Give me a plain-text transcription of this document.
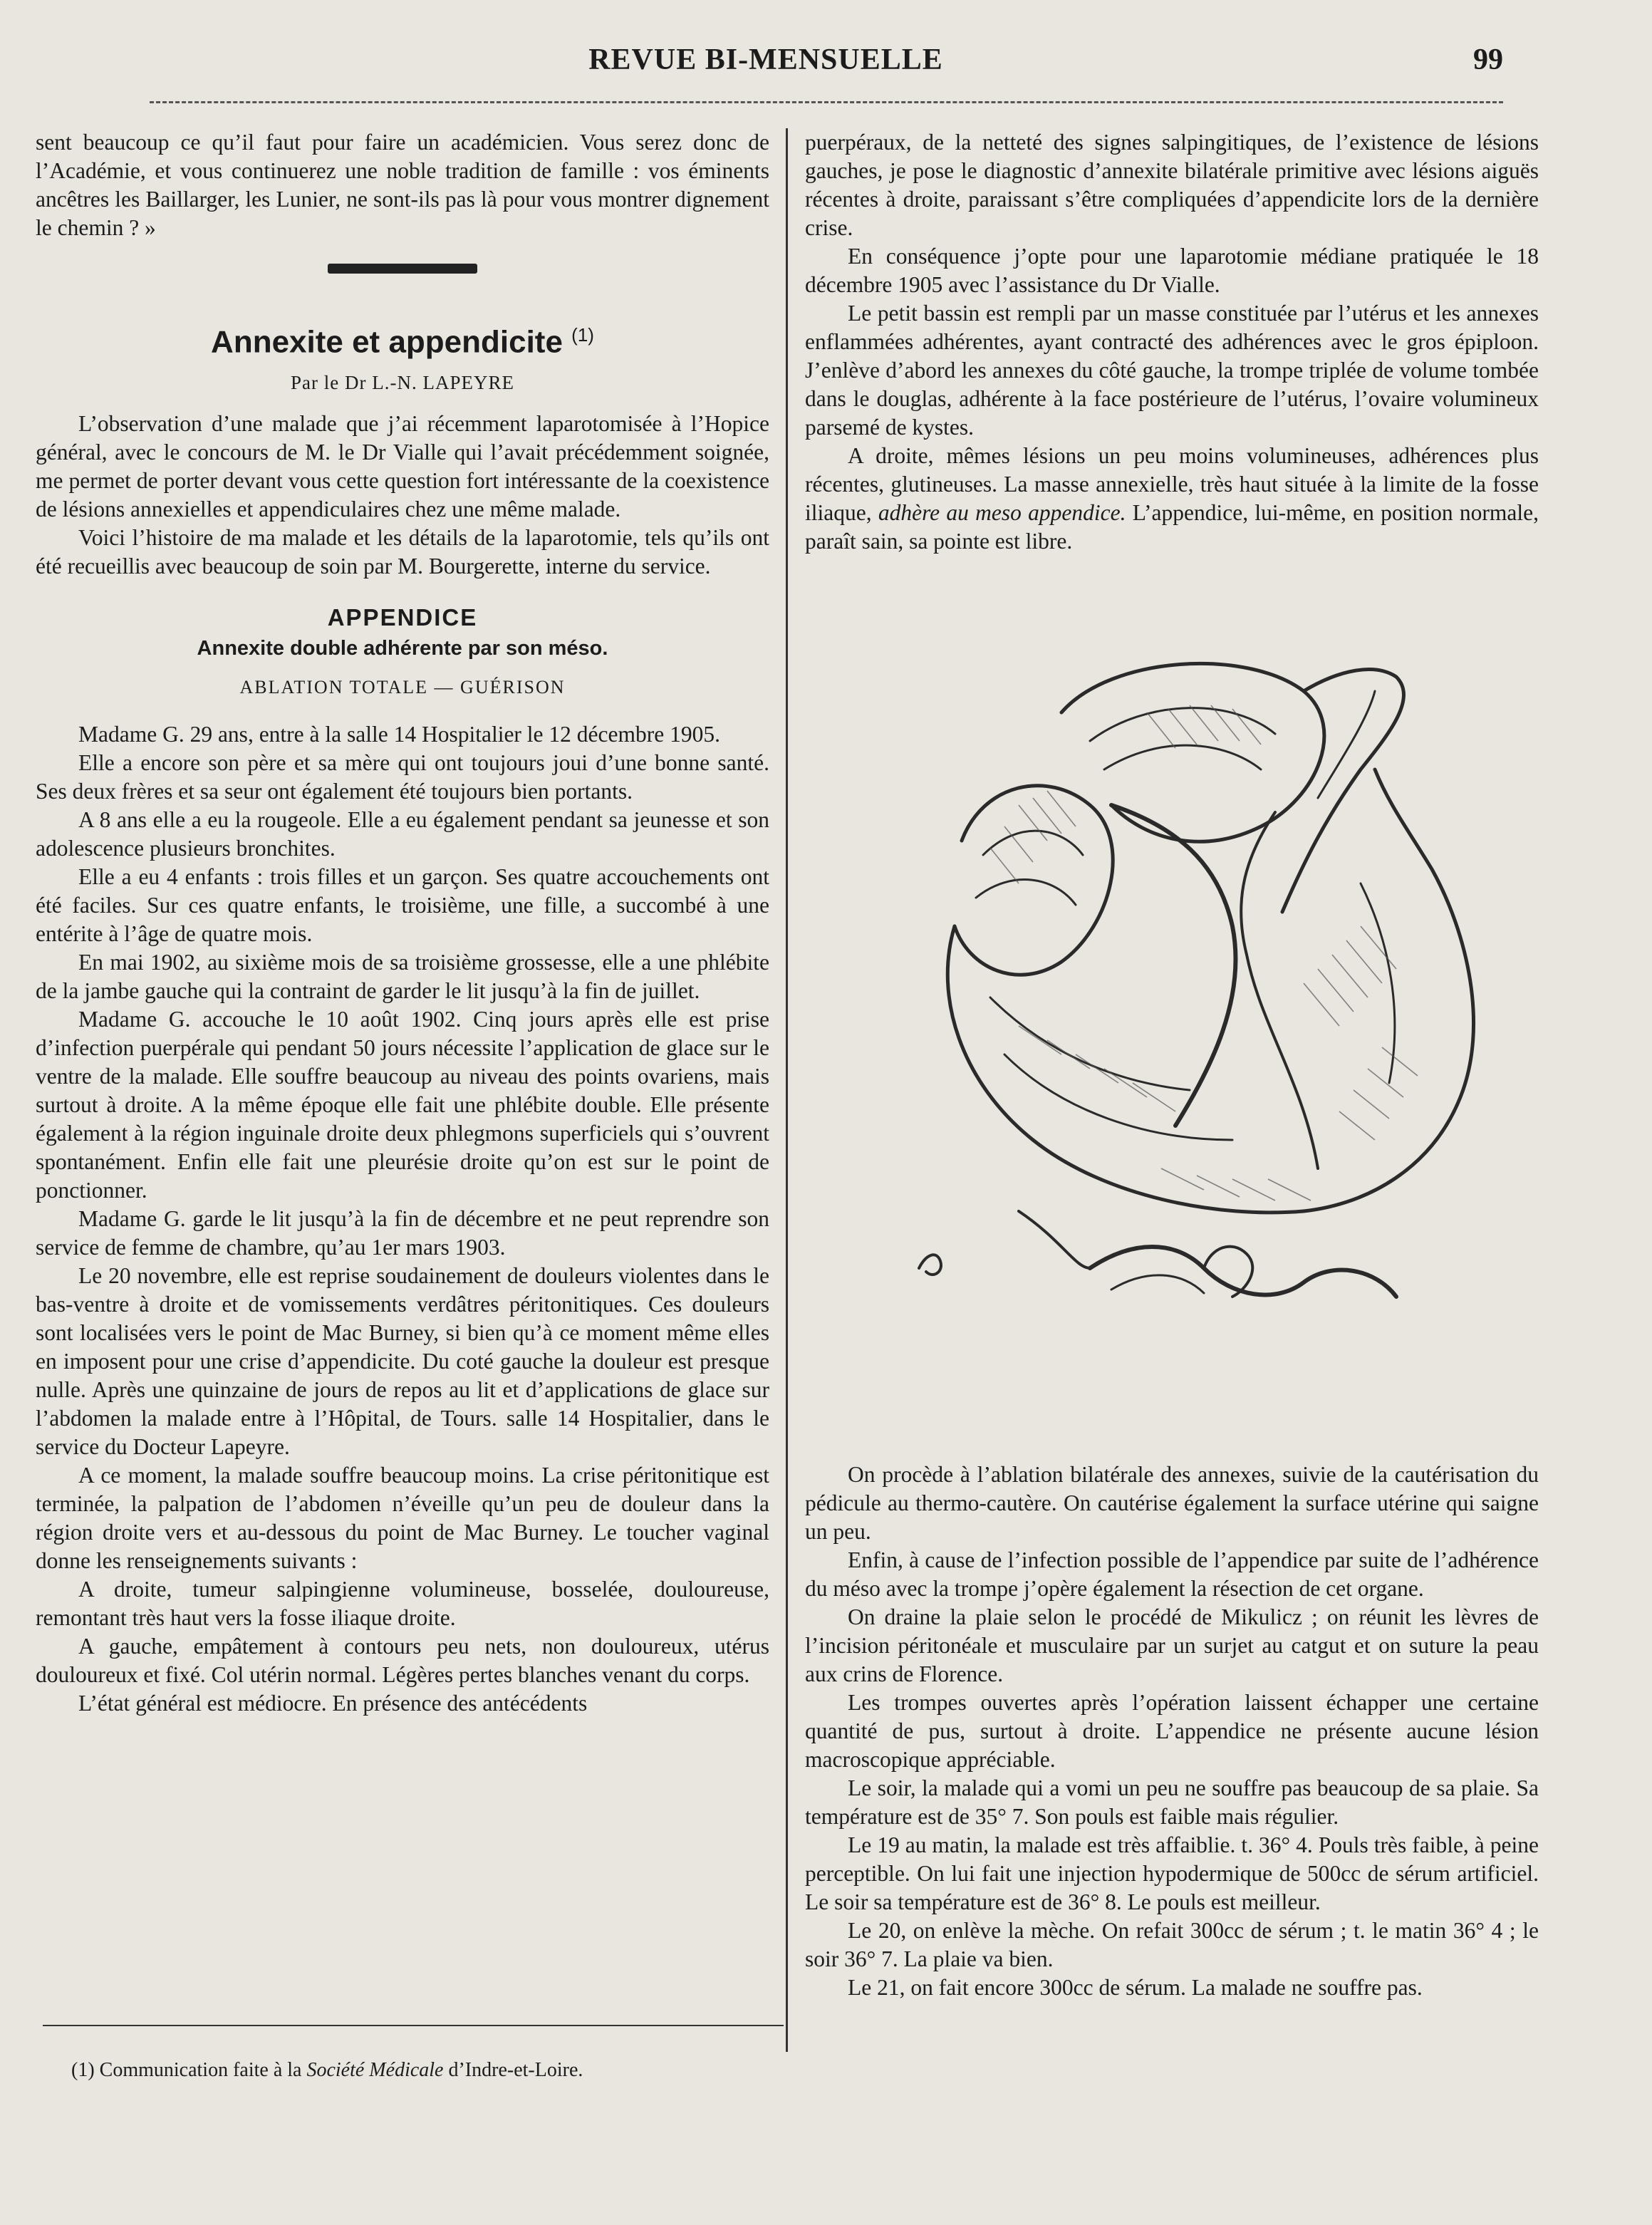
REVUE BI-MENSUELLE	99

sent beaucoup ce qu’il faut pour faire un académicien. Vous serez donc de l’Académie, et vous continuerez une noble tradition de famille : vos éminents ancêtres les Baillarger, les Lunier, ne sont-ils pas là pour vous montrer dignement le chemin ? »

Annexite et appendicite $^{(1)}$
Par le Dr L.-N. LAPEYRE

L’observation d’une malade que j’ai récemment laparotomisée à l’Hopice général, avec le concours de M. le Dr Vialle qui l’avait précédemment soignée, me permet de porter devant vous cette question fort intéressante de la coexistence de lésions annexielles et appendiculaires chez une même malade.

Voici l’histoire de ma malade et les détails de la laparotomie, tels qu’ils ont été recueillis avec beaucoup de soin par M. Bourgerette, interne du service.

APPENDICE
Annexite double adhérente par son méso.
ABLATION TOTALE — GUÉRISON

Madame G. 29 ans, entre à la salle 14 Hospitalier le 12 décembre 1905.

Elle a encore son père et sa mère qui ont toujours joui d’une bonne santé. Ses deux frères et sa seur ont également été toujours bien portants.

A 8 ans elle a eu la rougeole. Elle a eu également pendant sa jeunesse et son adolescence plusieurs bronchites.

Elle a eu 4 enfants : trois filles et un garçon. Ses quatre accouchements ont été faciles. Sur ces quatre enfants, le troisième, une fille, a succombé à une entérite à l’âge de quatre mois.

En mai 1902, au sixième mois de sa troisième grossesse, elle a une phlébite de la jambe gauche qui la contraint de garder le lit jusqu’à la fin de juillet.

Madame G. accouche le 10 août 1902. Cinq jours après elle est prise d’infection puerpérale qui pendant 50 jours nécessite l’application de glace sur le ventre de la malade. Elle souffre beaucoup au niveau des points ovariens, mais surtout à droite. A la même époque elle fait une phlébite double. Elle présente également à la région inguinale droite deux phlegmons superficiels qui s’ouvrent spontanément. Enfin elle fait une pleurésie droite qu’on est sur le point de ponctionner.

Madame G. garde le lit jusqu’à la fin de décembre et ne peut reprendre son service de femme de chambre, qu’au 1er mars 1903.

Le 20 novembre, elle est reprise soudainement de douleurs violentes dans le bas-ventre à droite et de vomissements verdâtres péritonitiques. Ces douleurs sont localisées vers le point de Mac Burney, si bien qu’à ce moment même elles en imposent pour une crise d’appendicite. Du coté gauche la douleur est presque nulle. Après une quinzaine de jours de repos au lit et d’applications de glace sur l’abdomen la malade entre à l’Hôpital, de Tours. salle 14 Hospitalier, dans le service du Docteur Lapeyre.

A ce moment, la malade souffre beaucoup moins. La crise péritonitique est terminée, la palpation de l’abdomen n’éveille qu’un peu de douleur dans la région droite vers et au-dessous du point de Mac Burney. Le toucher vaginal donne les renseignements suivants :

A droite, tumeur salpingienne volumineuse, bosselée, douloureuse, remontant très haut vers la fosse iliaque droite.

A gauche, empâtement à contours peu nets, non douloureux, utérus douloureux et fixé. Col utérin normal. Légères pertes blanches venant du corps.

L’état général est médiocre. En présence des antécédents

(1) Communication faite à la Société Médicale d’Indre-et-Loire.

puerpéraux, de la netteté des signes salpingitiques, de l’existence de lésions gauches, je pose le diagnostic d’annexite bilatérale primitive avec lésions aiguës récentes à droite, paraissant s’être compliquées d’appendicite lors de la dernière crise.

En conséquence j’opte pour une laparotomie médiane pratiquée le 18 décembre 1905 avec l’assistance du Dr Vialle.

Le petit bassin est rempli par un masse constituée par l’utérus et les annexes enflammées adhérentes, ayant contracté des adhérences avec le gros épiploon. J’enlève d’abord les annexes du côté gauche, la trompe triplée de volume tombée dans le douglas, adhérente à la face postérieure de l’utérus, l’ovaire volumineux parsemé de kystes.

A droite, mêmes lésions un peu moins volumineuses, adhérences plus récentes, glutineuses. La masse annexielle, très haut située à la limite de la fosse iliaque, adhère au meso appendice. L’appendice, lui-même, en position normale, paraît sain, sa pointe est libre.

On procède à l’ablation bilatérale des annexes, suivie de la cautérisation du pédicule au thermo-cautère. On cautérise également la surface utérine qui saigne un peu.

Enfin, à cause de l’infection possible de l’appendice par suite de l’adhérence du méso avec la trompe j’opère également la résection de cet organe.

On draine la plaie selon le procédé de Mikulicz ; on réunit les lèvres de l’incision péritonéale et musculaire par un surjet au catgut et on suture la peau aux crins de Florence.

Les trompes ouvertes après l’opération laissent échapper une certaine quantité de pus, surtout à droite. L’appendice ne présente aucune lésion macroscopique appréciable.

Le soir, la malade qui a vomi un peu ne souffre pas beaucoup de sa plaie. Sa température est de 35° 7. Son pouls est faible mais régulier.

Le 19 au matin, la malade est très affaiblie. t. 36° 4. Pouls très faible, à peine perceptible. On lui fait une injection hypodermique de 500cc de sérum artificiel. Le soir sa température est de 36° 8. Le pouls est meilleur.

Le 20, on enlève la mèche. On refait 300cc de sérum ; t. le matin 36° 4 ; le soir 36° 7. La plaie va bien.

Le 21, on fait encore 300cc de sérum. La malade ne souffre pas.
